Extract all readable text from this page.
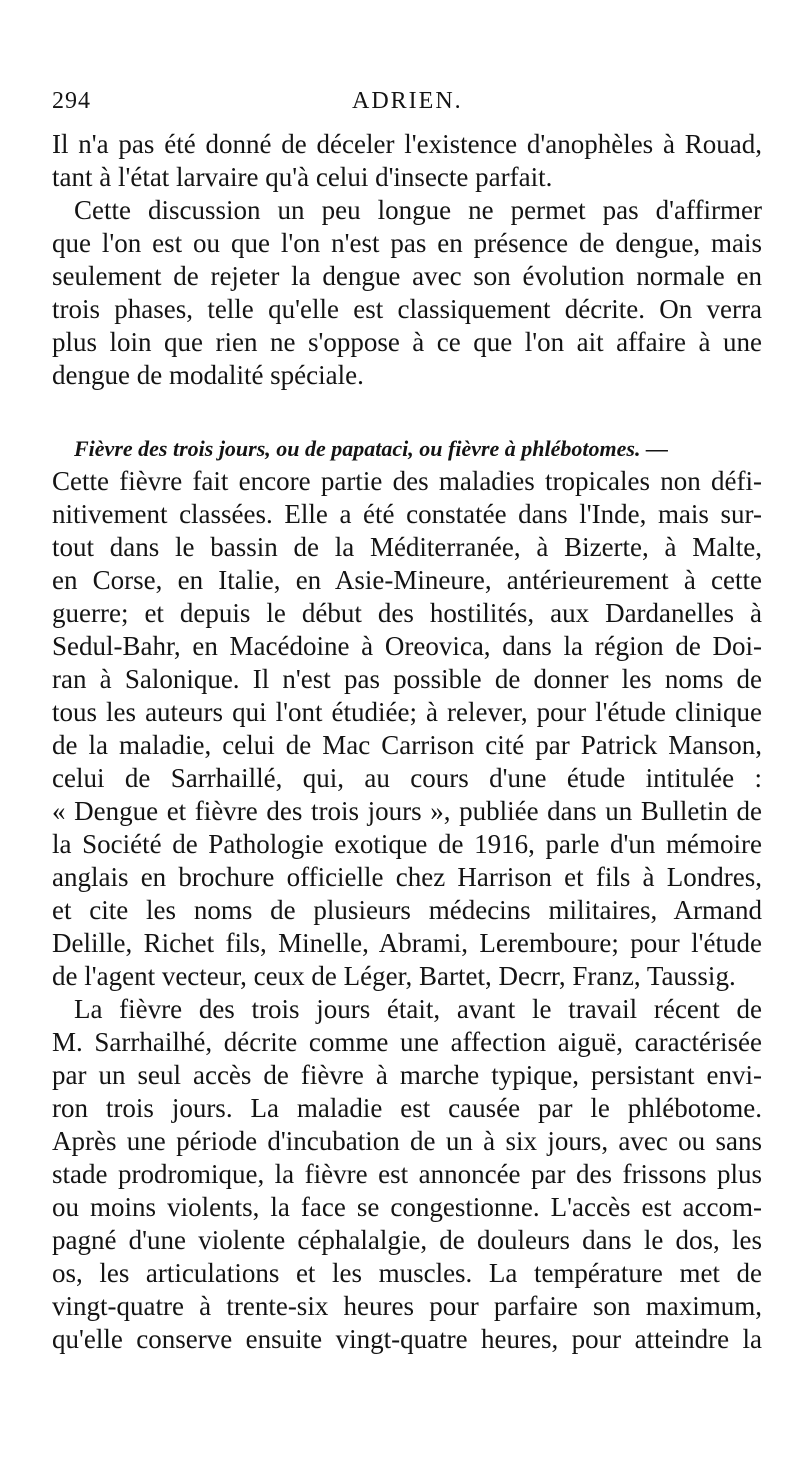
294	ADRIEN.
Il n'a pas été donné de déceler l'existence d'anophèles à Rouad,
tant à l'état larvaire qu'à celui d'insecte parfait.
Cette discussion un peu longue ne permet pas d'affirmer
que l'on est ou que l'on n'est pas en présence de dengue, mais
seulement de rejeter la dengue avec son évolution normale en
trois phases, telle qu'elle est classiquement décrite. On verra
plus loin que rien ne s'oppose à ce que l'on ait affaire à une
dengue de modalité spéciale.
Fièvre des trois jours, ou de papataci, ou fièvre à phlébotomes. —
Cette fièvre fait encore partie des maladies tropicales non défi-
nitivement classées. Elle a été constatée dans l'Inde, mais sur-
tout dans le bassin de la Méditerranée, à Bizerte, à Malte,
en Corse, en Italie, en Asie-Mineure, antérieurement à cette
guerre; et depuis le début des hostilités, aux Dardanelles à
Sedul-Bahr, en Macédoine à Oreovica, dans la région de Doi-
ran à Salonique. Il n'est pas possible de donner les noms de
tous les auteurs qui l'ont étudiée; à relever, pour l'étude clinique
de la maladie, celui de Mac Carrison cité par Patrick Manson,
celui de Sarrhaillé, qui, au cours d'une étude intitulée :
« Dengue et fièvre des trois jours », publiée dans un Bulletin de
la Société de Pathologie exotique de 1916, parle d'un mémoire
anglais en brochure officielle chez Harrison et fils à Londres,
et cite les noms de plusieurs médecins militaires, Armand
Delille, Richet fils, Minelle, Abrami, Leremboure; pour l'étude
de l'agent vecteur, ceux de Léger, Bartet, Decrr, Franz, Taussig.
La fièvre des trois jours était, avant le travail récent de
M. Sarrhailhé, décrite comme une affection aiguë, caractérisée
par un seul accès de fièvre à marche typique, persistant envi-
ron trois jours. La maladie est causée par le phlébotome.
Après une période d'incubation de un à six jours, avec ou sans
stade prodromique, la fièvre est annoncée par des frissons plus
ou moins violents, la face se congestionne. L'accès est accom-
pagné d'une violente céphalalgie, de douleurs dans le dos, les
os, les articulations et les muscles. La température met de
vingt-quatre à trente-six heures pour parfaire son maximum,
qu'elle conserve ensuite vingt-quatre heures, pour atteindre la
